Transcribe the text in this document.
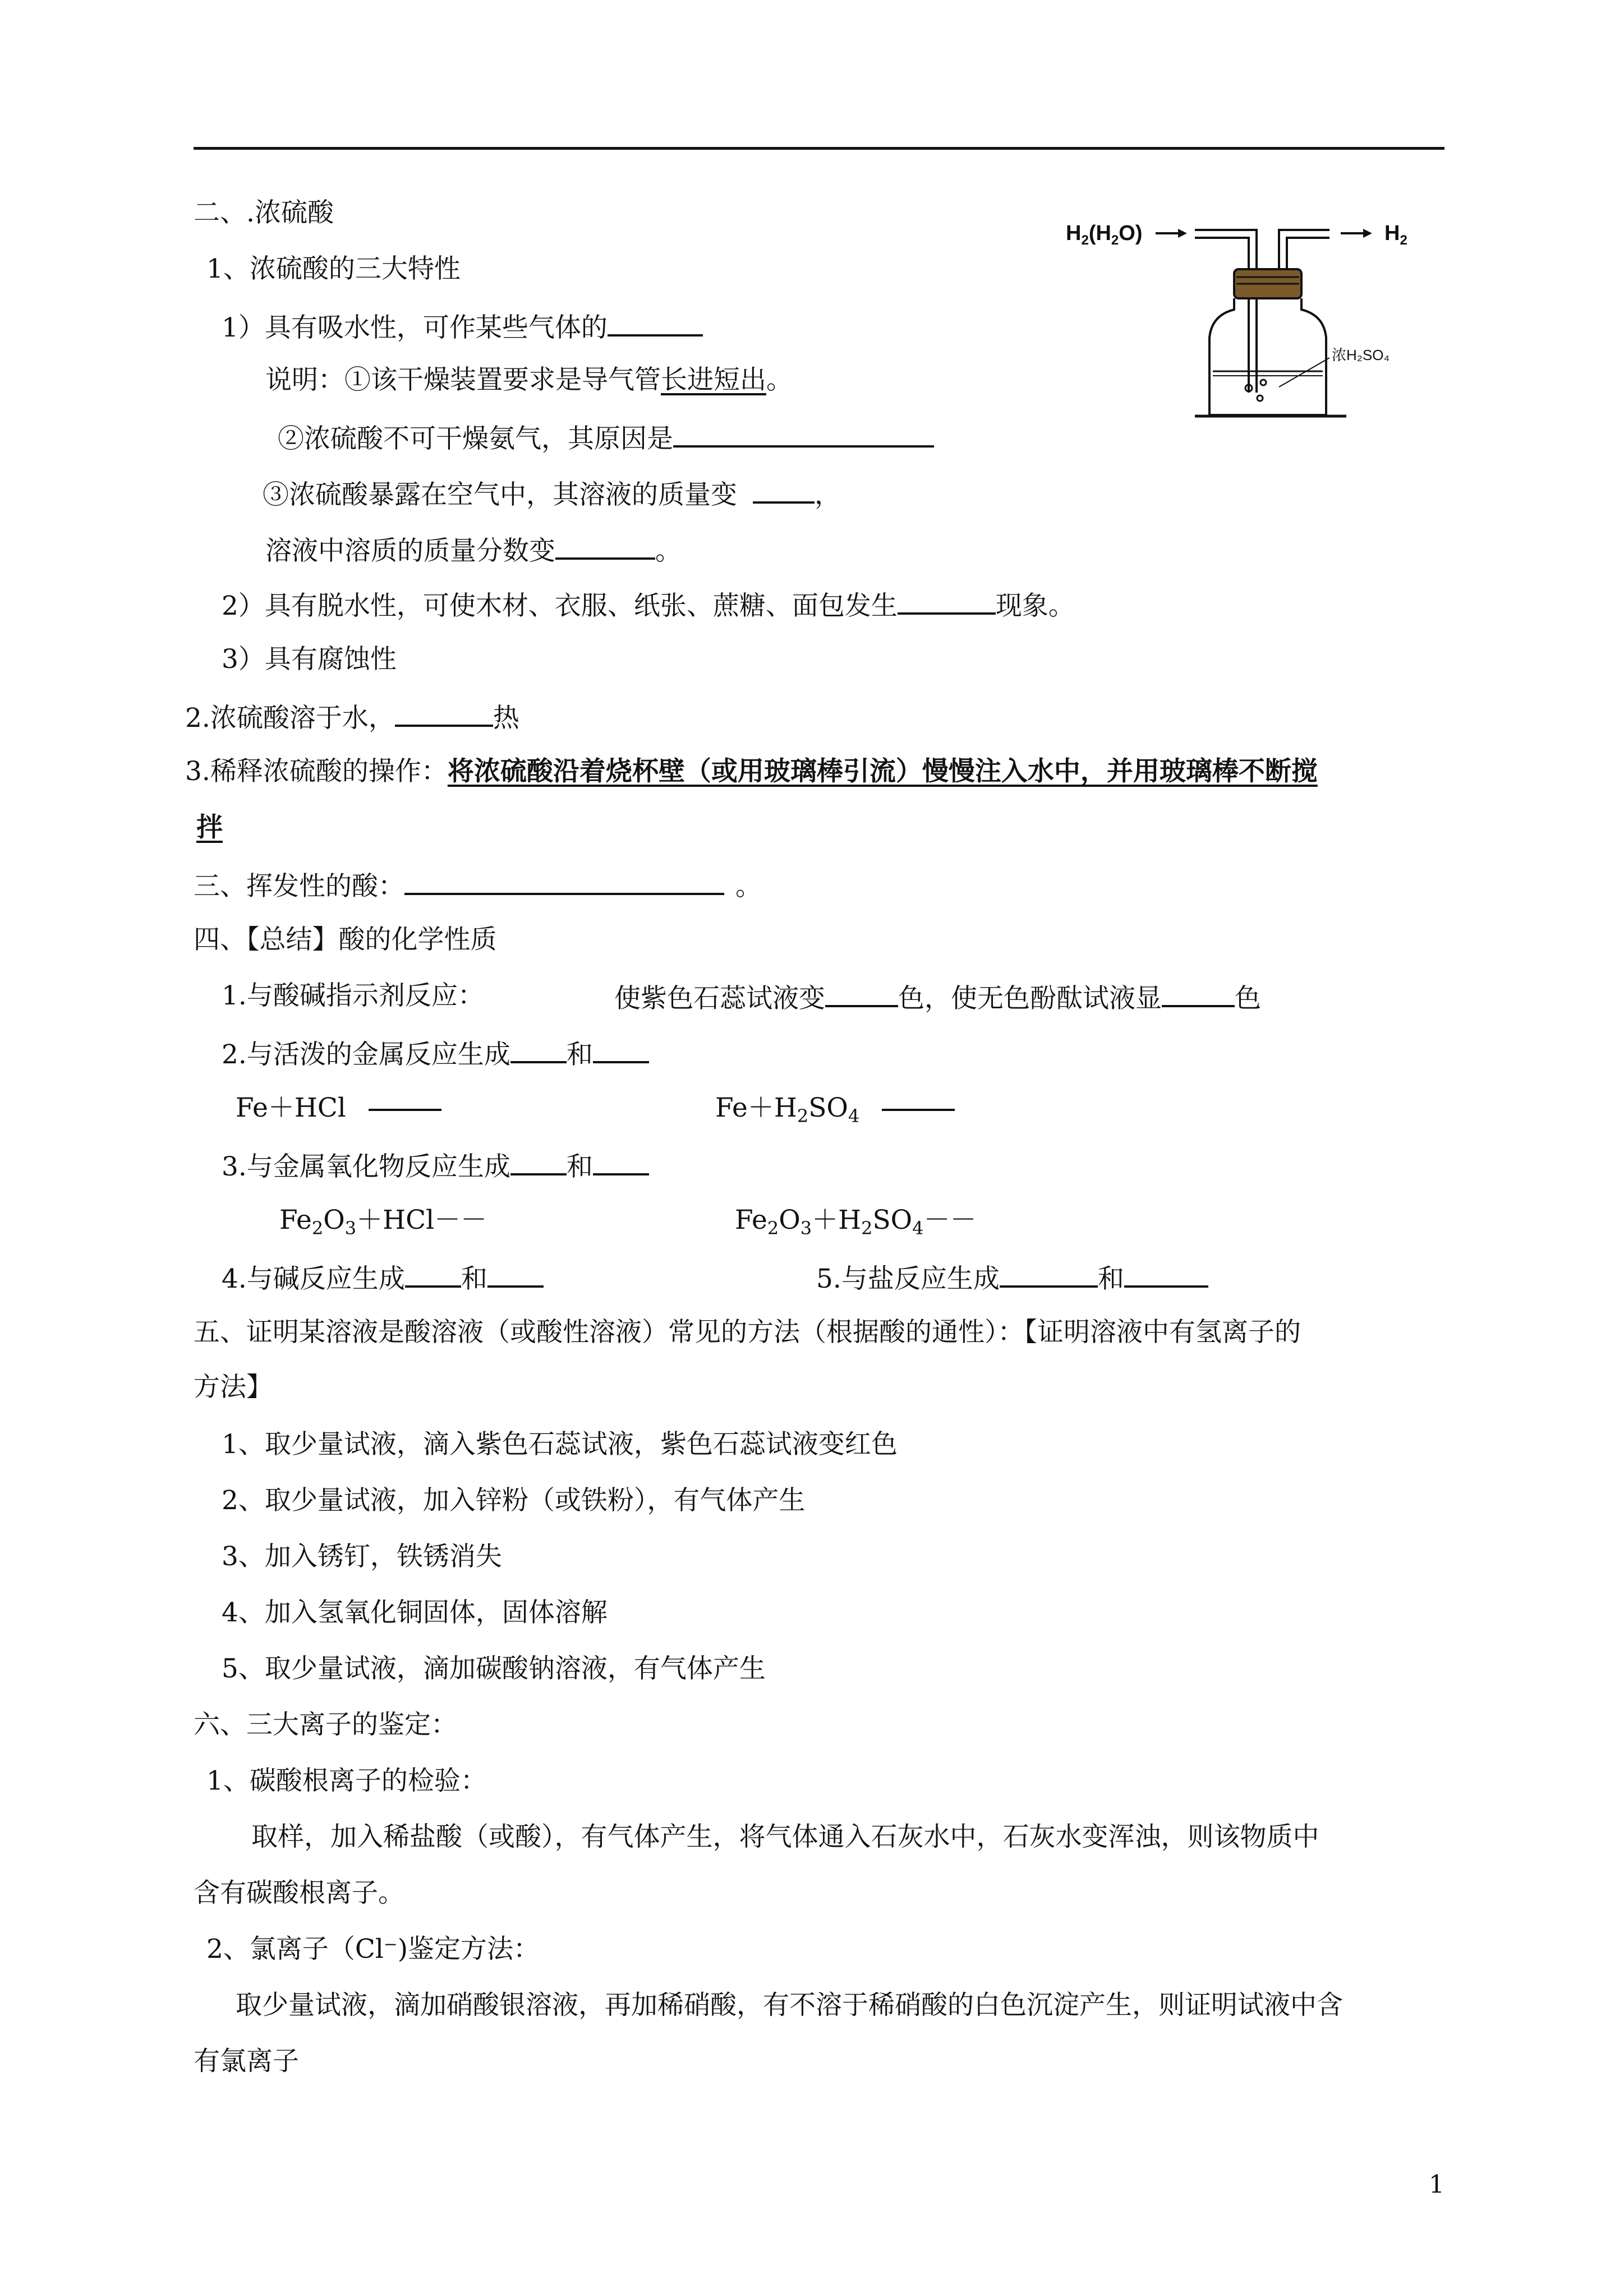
二、.浓硫酸
1、浓硫酸的三大特性
1）具有吸水性，可作某些气体的
说明：①该干燥装置要求是导气管长进短出。
②浓硫酸不可干燥氨气，其原因是
③浓硫酸暴露在空气中，其溶液的质量变	，
溶液中溶质的质量分数变	。
2）具有脱水性，可使木材、衣服、纸张、蔗糖、面包发生	现象。
3）具有腐蚀性
2.浓硫酸溶于水，	热
3.稀释浓硫酸的操作：将浓硫酸沿着烧杯壁（或用玻璃棒引流）慢慢注入水中，并用玻璃棒不断搅
拌
三、挥发性的酸：	。
四、【总结】酸的化学性质
1.与酸碱指示剂反应：	使紫色石蕊试液变	色，使无色酚酞试液显	色
2.与活泼的金属反应生成 和
Fe＋HCl	$Fe+H_2SO_4$
3.与金属氧化物反应生成 和
$Fe_2O_3+HCl--$	$Fe_2O_3+H_2SO_4--$
4.与碱反应生成 和	5.与盐反应生成	和
五、证明某溶液是酸溶液（或酸性溶液）常见的方法（根据酸的通性）：【证明溶液中有氢离子的
方法】
1、取少量试液，滴入紫色石蕊试液，紫色石蕊试液变红色
2、取少量试液，加入锌粉（或铁粉），有气体产生
3、加入锈钉，铁锈消失
4、加入氢氧化铜固体，固体溶解
5、取少量试液，滴加碳酸钠溶液，有气体产生
六、三大离子的鉴定：
1、碳酸根离子的检验：
取样，加入稀盐酸（或酸），有气体产生，将气体通入石灰水中，石灰水变浑浊，则该物质中
含有碳酸根离子。
2、氯离子（Cl⁻)鉴定方法：
取少量试液，滴加硝酸银溶液，再加稀硝酸，有不溶于稀硝酸的白色沉淀产生，则证明试液中含
有氯离子
$H_2(H_2O)$	$H_2$
浓H₂SO₄
1
